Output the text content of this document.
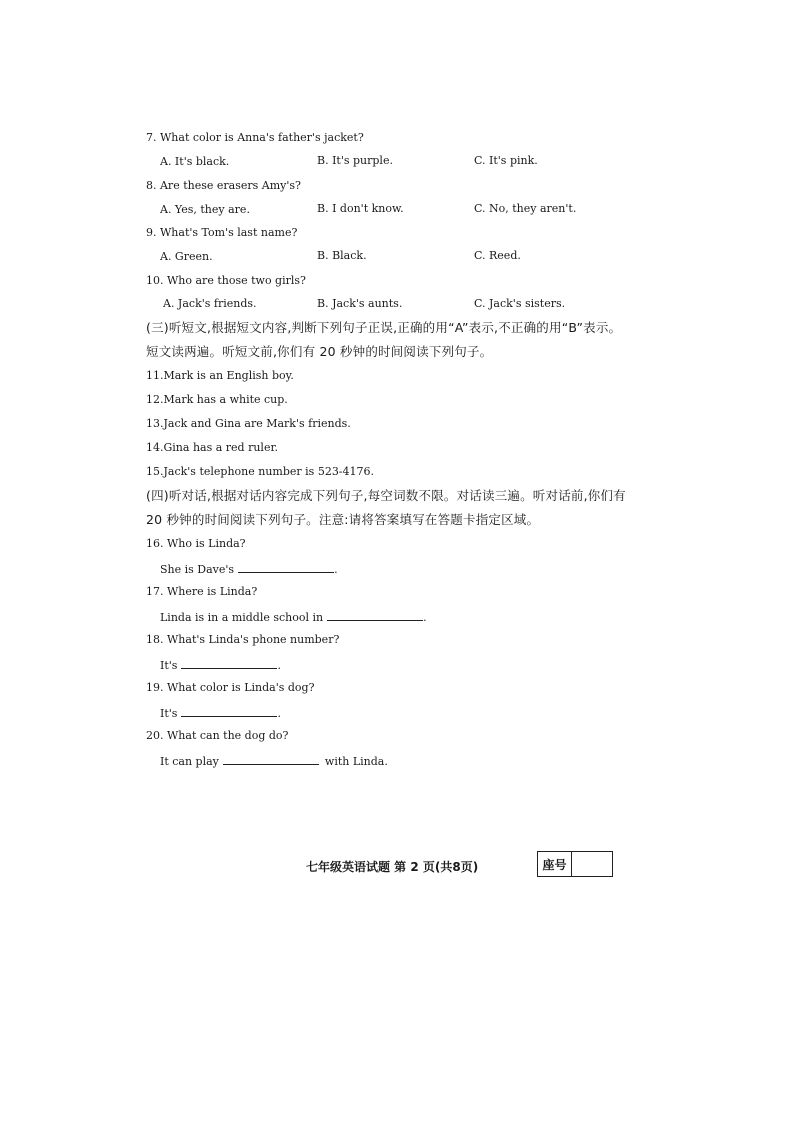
7. What color is Anna's father's jacket?
A. It's black.	B. It's purple.	C. It's pink.
8. Are these erasers Amy's?
A. Yes, they are.	B. I don't know.	C. No, they aren't.
9. What's Tom's last name?
A. Green.	B. Black.	C. Reed.
10. Who are those two girls?
A. Jack's friends.	B. Jack's aunts.	C. Jack's sisters.
(三)听短文,根据短文内容,判断下列句子正误,正确的用“A”表示,不正确的用“B”表示。
短文读两遍。听短文前,你们有 20 秒钟的时间阅读下列句子。
11.Mark is an English boy.
12.Mark has a white cup.
13.Jack and Gina are Mark's friends.
14.Gina has a red ruler.
15.Jack's telephone number is 523-4176.
(四)听对话,根据对话内容完成下列句子,每空词数不限。对话读三遍。听对话前,你们有
20 秒钟的时间阅读下列句子。注意:请将答案填写在答题卡指定区域。
16. Who is Linda?
She is Dave's	.
17. Where is Linda?
Linda is in a middle school in	.
18. What's Linda's phone number?
It's	.
19. What color is Linda's dog?
It's	.
20. What can the dog do?
It can play	with Linda.
七年级英语试题 第 2 页(共8页)	座号
